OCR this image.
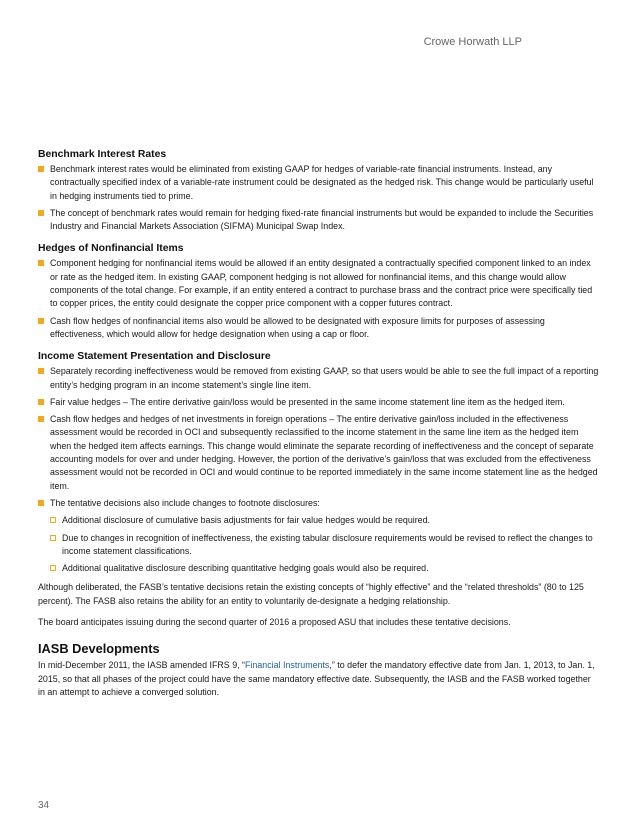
Crowe Horwath LLP
Benchmark Interest Rates
Benchmark interest rates would be eliminated from existing GAAP for hedges of variable-rate financial instruments. Instead, any contractually specified index of a variable-rate instrument could be designated as the hedged risk. This change would be particularly useful in hedging instruments tied to prime.
The concept of benchmark rates would remain for hedging fixed-rate financial instruments but would be expanded to include the Securities Industry and Financial Markets Association (SIFMA) Municipal Swap Index.
Hedges of Nonfinancial Items
Component hedging for nonfinancial items would be allowed if an entity designated a contractually specified component linked to an index or rate as the hedged item. In existing GAAP, component hedging is not allowed for nonfinancial items, and this change would allow components of the total change. For example, if an entity entered a contract to purchase brass and the contract price were specifically tied to copper prices, the entity could designate the copper price component with a copper futures contract.
Cash flow hedges of nonfinancial items also would be allowed to be designated with exposure limits for purposes of assessing effectiveness, which would allow for hedge designation when using a cap or floor.
Income Statement Presentation and Disclosure
Separately recording ineffectiveness would be removed from existing GAAP, so that users would be able to see the full impact of a reporting entity’s hedging program in an income statement’s single line item.
Fair value hedges – The entire derivative gain/loss would be presented in the same income statement line item as the hedged item.
Cash flow hedges and hedges of net investments in foreign operations – The entire derivative gain/loss included in the effectiveness assessment would be recorded in OCI and subsequently reclassified to the income statement in the same line item as the hedged item when the hedged item affects earnings. This change would eliminate the separate recording of ineffectiveness and the concept of separate accounting models for over and under hedging. However, the portion of the derivative’s gain/loss that was excluded from the effectiveness assessment would not be recorded in OCI and would continue to be reported immediately in the same income statement line as the hedged item.
The tentative decisions also include changes to footnote disclosures:
Additional disclosure of cumulative basis adjustments for fair value hedges would be required.
Due to changes in recognition of ineffectiveness, the existing tabular disclosure requirements would be revised to reflect the changes to income statement classifications.
Additional qualitative disclosure describing quantitative hedging goals would also be required.

Although deliberated, the FASB’s tentative decisions retain the existing concepts of “highly effective” and the “related thresholds” (80 to 125 percent). The FASB also retains the ability for an entity to voluntarily de-designate a hedging relationship.

The board anticipates issuing during the second quarter of 2016 a proposed ASU that includes these tentative decisions.

IASB Developments

In mid-December 2011, the IASB amended IFRS 9, “Financial Instruments,” to defer the mandatory effective date from Jan. 1, 2013, to Jan. 1, 2015, so that all phases of the project could have the same mandatory effective date. Subsequently, the IASB and the FASB worked together in an attempt to achieve a converged solution.

34
